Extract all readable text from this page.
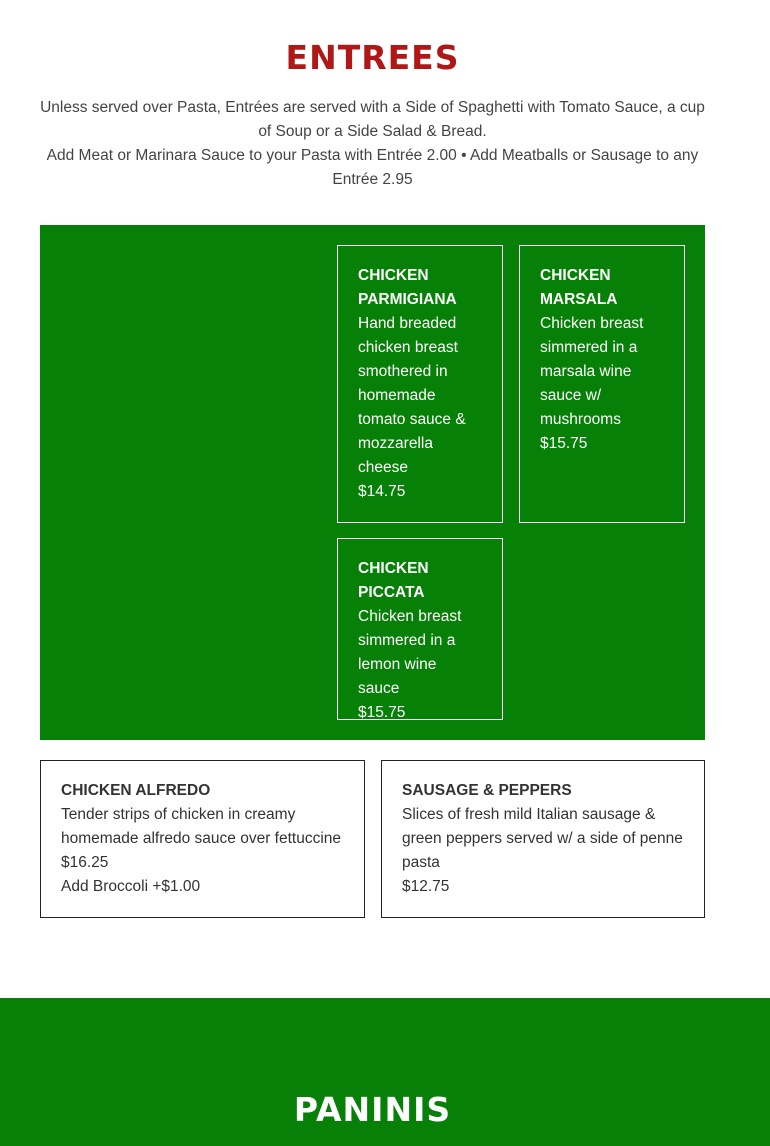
ENTREES

Unless served over Pasta, Entrées are served with a Side of Spaghetti with Tomato Sauce, a cup of Soup or a Side Salad & Bread.

Add Meat or Marinara Sauce to your Pasta with Entrée 2.00 • Add Meatballs or Sausage to any Entrée 2.95

CHICKEN PARMIGIANA
Hand breaded chicken breast smothered in homemade tomato sauce & mozzarella cheese
$14.75
CHICKEN MARSALA
Chicken breast simmered in a marsala wine sauce w/ mushrooms
$15.75
CHICKEN PICCATA
Chicken breast simmered in a lemon wine sauce
$15.75
CHICKEN ALFREDO
Tender strips of chicken in creamy homemade alfredo sauce over fettuccine
$16.25
Add Broccoli +$1.00
SAUSAGE & PEPPERS
Slices of fresh mild Italian sausage & green peppers served w/ a side of penne pasta
$12.75
PANINIS
